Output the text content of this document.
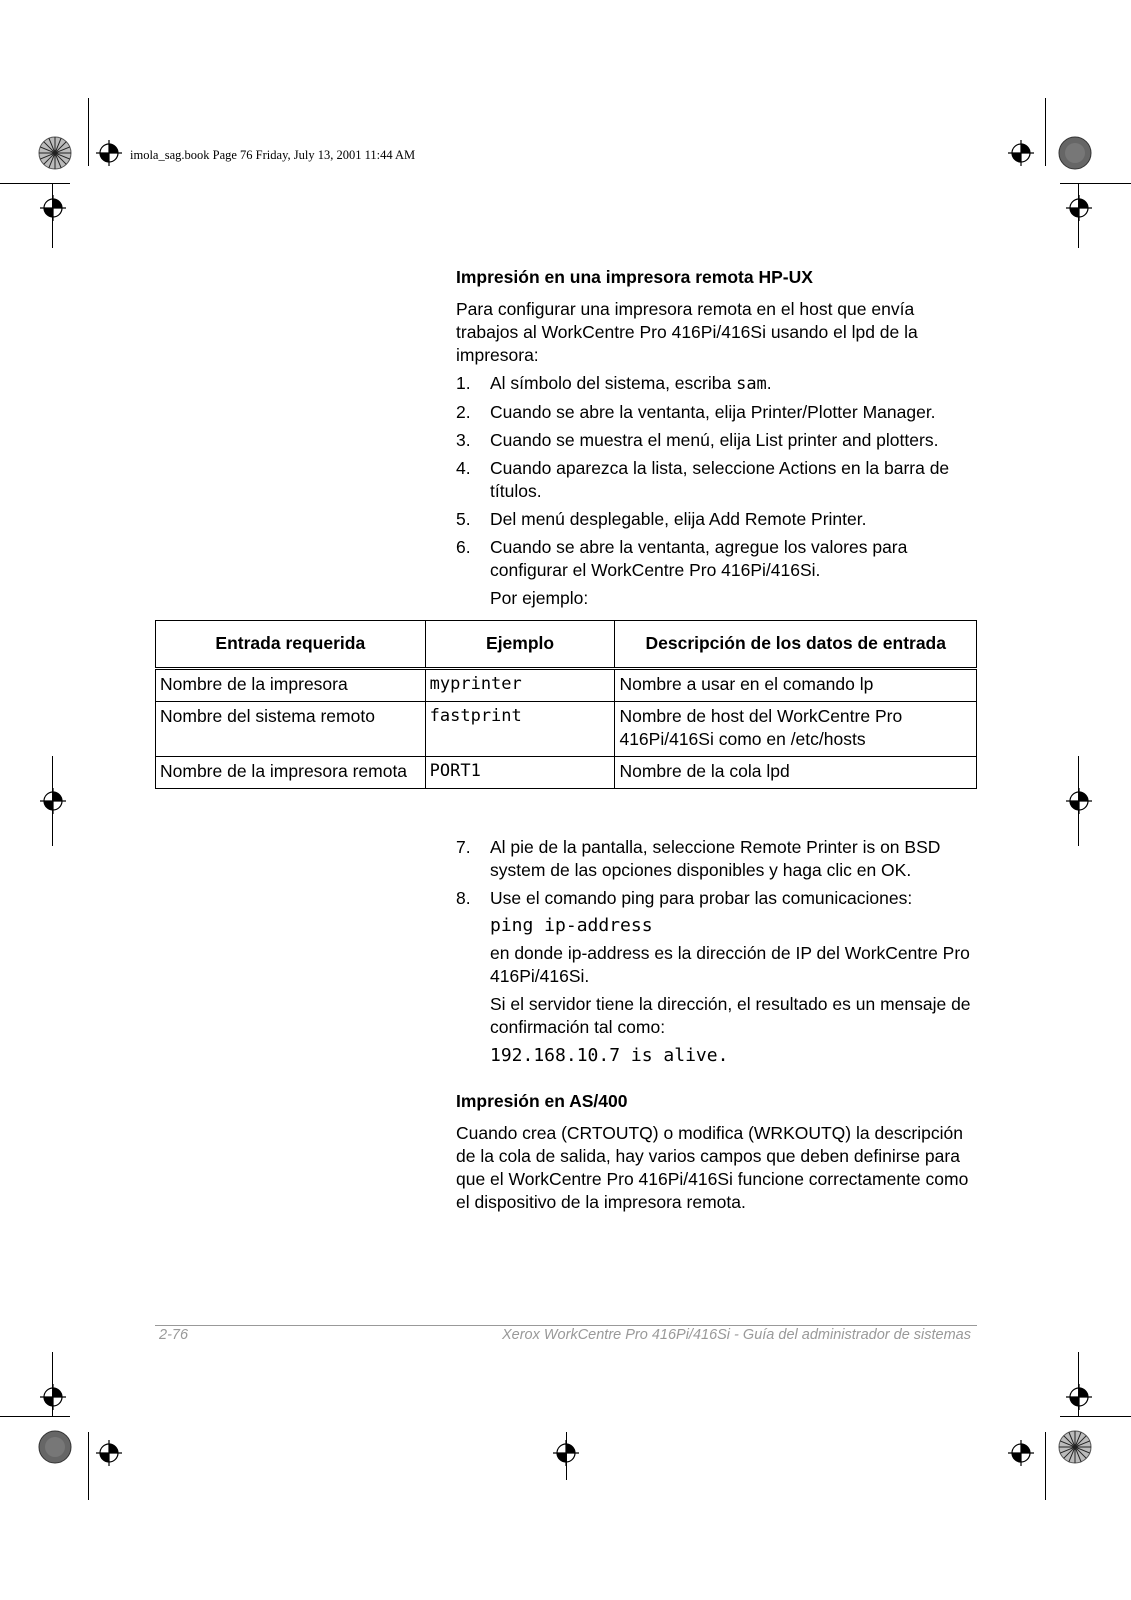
imola_sag.book Page 76 Friday, July 13, 2001 11:44 AM
Impresión en una impresora remota HP-UX

Para configurar una impresora remota en el host que envía trabajos al WorkCentre Pro 416Pi/416Si usando el lpd de la impresora:

1. Al símbolo del sistema, escriba sam.
2. Cuando se abre la ventanta, elija Printer/Plotter Manager.
3. Cuando se muestra el menú, elija List printer and plotters.
4. Cuando aparezca la lista, seleccione Actions en la barra de títulos.
5. Del menú desplegable, elija Add Remote Printer.
6. Cuando se abre la ventanta, agregue los valores para configurar el WorkCentre Pro 416Pi/416Si.

Por ejemplo:

Entrada requerida	Ejemplo	Descripción de los datos de entrada
Nombre de la impresora	myprinter	Nombre a usar en el comando lp
Nombre del sistema remoto	fastprint	Nombre de host del WorkCentre Pro 416Pi/416Si como en /etc/hosts
Nombre de la impresora remota	PORT1	Nombre de la cola lpd
7. Al pie de la pantalla, seleccione Remote Printer is on BSD system de las opciones disponibles y haga clic en OK.
8. Use el comando ping para probar las comunicaciones:

ping ip-address

en donde ip-address es la dirección de IP del WorkCentre Pro 416Pi/416Si.

Si el servidor tiene la dirección, el resultado es un mensaje de confirmación tal como:

192.168.10.7 is alive.

Impresión en AS/400

Cuando crea (CRTOUTQ) o modifica (WRKOUTQ) la descripción de la cola de salida, hay varios campos que deben definirse para que el WorkCentre Pro 416Pi/416Si funcione correctamente como el dispositivo de la impresora remota.

2-76	Xerox WorkCentre Pro 416Pi/416Si - Guía del administrador de sistemas
